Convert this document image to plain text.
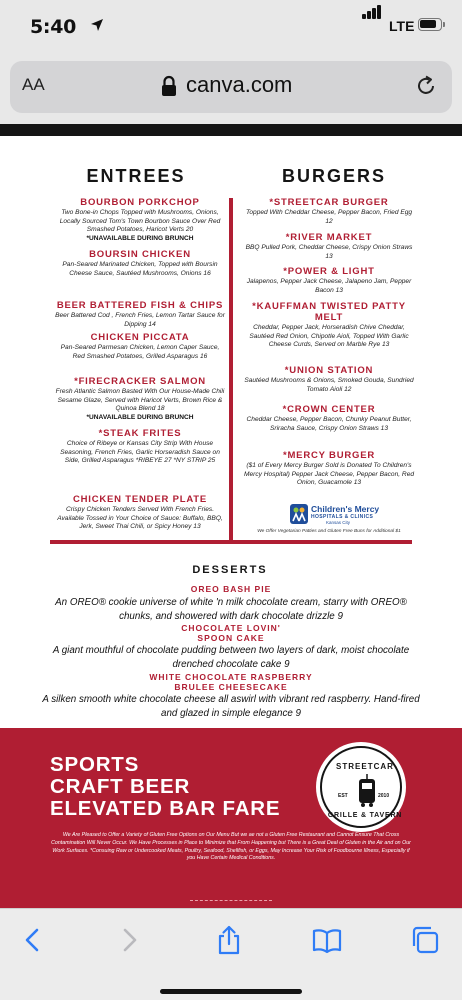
5:40	LTE
AA	canva.com
ENTREES	BURGERS
BOURBON PORKCHOP
Two Bone-in Chops Topped with Mushrooms, Onions, Locally Sourced Tom's Town Bourbon Sauce Over Red Smashed Potatoes, Haricot Verts 20
*UNAVAILABLE DURING BRUNCH
BOURSIN CHICKEN
Pan-Seared Marinated Chicken, Topped with Boursin Cheese Sauce, Sautéed Mushrooms, Onions 16
BEER BATTERED FISH & CHIPS
Beer Battered Cod , French Fries, Lemon Tartar Sauce for Dipping 14
CHICKEN PICCATA
Pan-Seared Parmesan Chicken, Lemon Caper Sauce, Red Smashed Potatoes, Grilled Asparagus 16
*FIRECRACKER SALMON
Fresh Atlantic Salmon Basted With Our House-Made Chili Sesame Glaze, Served with Haricot Verts, Brown Rice & Quinoa Blend 18
*UNAVAILABLE DURING BRUNCH
*STEAK FRITES
Choice of Ribeye or Kansas City Strip With House Seasoning, French Fries, Garlic Horseradish Sauce on Side, Grilled Asparagus *RIBEYE 27 *NY STRIP 25
CHICKEN TENDER PLATE
Crispy Chicken Tenders Served With French Fries. Available Tossed in Your Choice of Sauce: Buffalo, BBQ, Jerk, Sweet Thai Chili, or Spicy Honey 13
*STREETCAR BURGER
Topped With Cheddar Cheese, Pepper Bacon, Fried Egg 12
*RIVER MARKET
BBQ Pulled Pork, Cheddar Cheese, Crispy Onion Straws 13
*POWER & LIGHT
Jalapenos, Pepper Jack Cheese, Jalapeno Jam, Pepper Bacon 13
*KAUFFMAN TWISTED PATTY MELT
Cheddar, Pepper Jack, Horseradish Chive Cheddar, Sautéed Red Onion, Chipotle Aioli, Topped With Garlic Cheese Curds, Served on Marble Rye 13
*UNION STATION
Sautéed Mushrooms & Onions, Smoked Gouda, Sundried Tomato Aioli 12
*CROWN CENTER
Cheddar Cheese, Pepper Bacon, Chunky Peanut Butter, Sriracha Sauce, Crispy Onion Straws 13
*MERCY BURGER
($1 of Every Mercy Burger Sold is Donated To Children's Mercy Hospital) Pepper Jack Cheese, Pepper Bacon, Red Onion, Guacamole 13
Children's Mercy
HOSPITALS & CLINICS
Kansas City
We Offer Vegetarian Patties and Gluten Free Buns for Additional $1
DESSERTS
OREO BASH PIE
An OREO® cookie universe of white 'n milk chocolate cream, starry with OREO® chunks, and showered with dark chocolate drizzle 9
CHOCOLATE LOVIN' SPOON CAKE
A giant mouthful of chocolate pudding between two layers of dark, moist chocolate drenched chocolate cake 9
WHITE CHOCOLATE RASPBERRY BRULEE CHEESECAKE
A silken smooth white chocolate cheese all aswirl with vibrant red raspberry. Hand-fired and glazed in simple elegance 9
SPORTS
CRAFT BEER
ELEVATED BAR FARE
STREETCAR
EST	2010
GRILLE & TAVERN
We Are Pleased to Offer a Variety of Gluten Free Options on Our Menu But we ae not a Gluten Free Restaurant and Cannot Ensure That Cross Contamination Will Never Occur. We Have Processes in Place to Minimize that From Happening but There is a Great Deal of Gluten in the Air and on Our Work Surfaces. *Consuing Raw or Undercooked Meats, Poultry, Seafood, Shellfish, or Eggs, May Increase Your Risk of Foodbourne Illness, Especially if you Have Certain Medical Conditions.
